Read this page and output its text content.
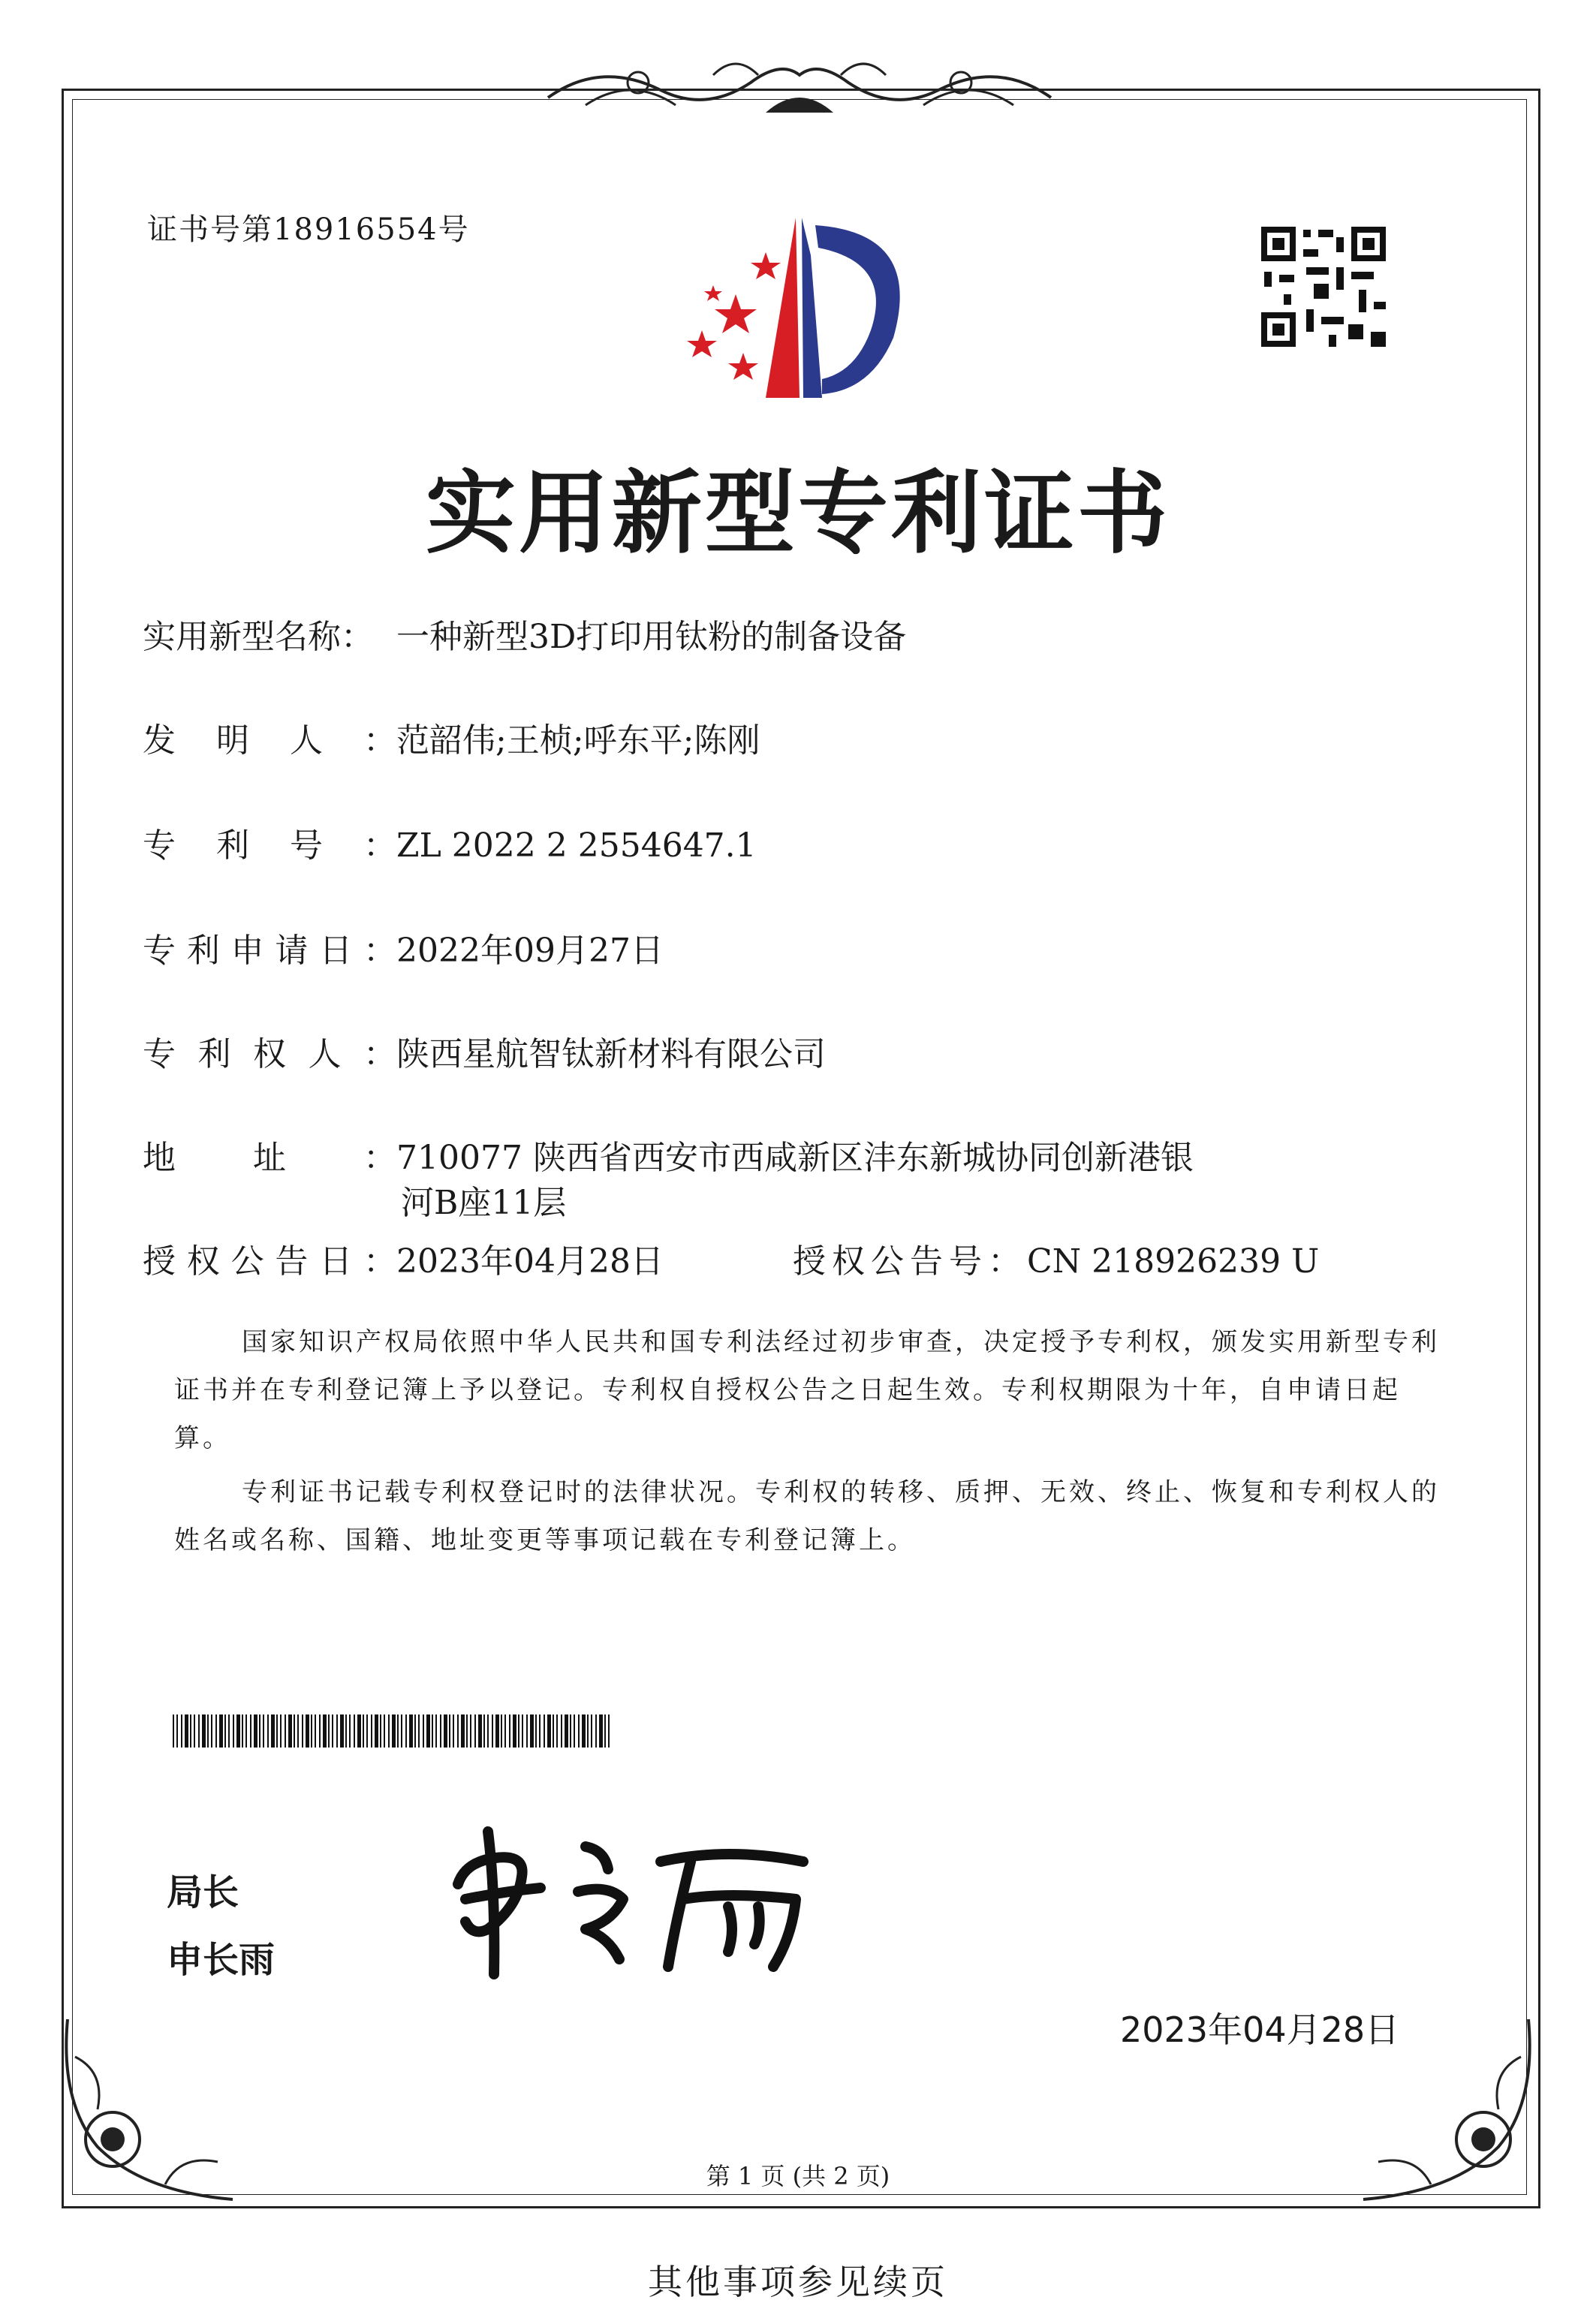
证书号第18916554号
实用新型专利证书
实用新型名称： 一种新型3D打印用钛粉的制备设备
发明人：范韶伟;王桢;呼东平;陈刚
专利号：ZL 2022 2 2554647.1
专利申请日：2022年09月27日
专利权人：陕西星航智钛新材料有限公司
地址：710077 陕西省西安市西咸新区沣东新城协同创新港银
河B座11层
授权公告日：2023年04月28日	授权公告号：CN 218926239 U
国家知识产权局依照中华人民共和国专利法经过初步审查，决定授予专利权，颁发实用新型专利证书并在专利登记簿上予以登记。专利权自授权公告之日起生效。专利权期限为十年，自申请日起算。
专利证书记载专利权登记时的法律状况。专利权的转移、质押、无效、终止、恢复和专利权人的姓名或名称、国籍、地址变更等事项记载在专利登记簿上。
局长
申长雨
2023年04月28日
第 1 页 (共 2 页)
其他事项参见续页
